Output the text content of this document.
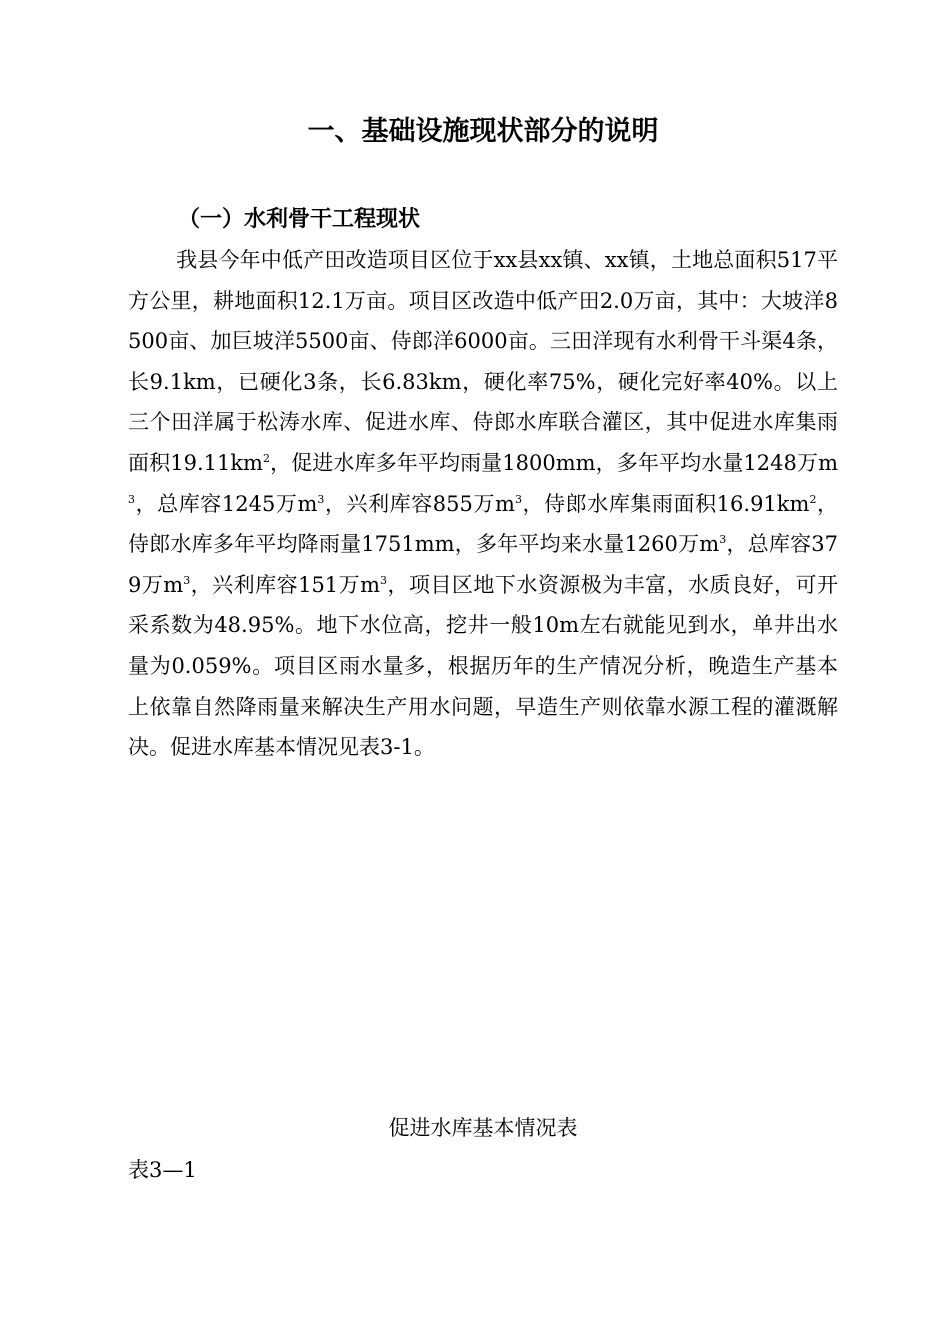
一、基础设施现状部分的说明
（一）水利骨干工程现状
我县今年中低产田改造项目区位于xx县xx镇、xx镇，土地总面积517平方公里，耕地面积12.1万亩。项目区改造中低产田2.0万亩，其中：大坡洋8500亩、加巨坡洋5500亩、侍郎洋6000亩。三田洋现有水利骨干斗渠4条，长9.1km，已硬化3条，长6.83km，硬化率75%，硬化完好率40%。以上三个田洋属于松涛水库、促进水库、侍郎水库联合灌区，其中促进水库集雨面积$19.11km^2$，促进水库多年平均雨量1800mm，多年平均水量1248万$m^3$，总库容1245万$m^3$，兴利库容855万$m^3$，侍郎水库集雨面积$16.91km^2$，侍郎水库多年平均降雨量1751mm，多年平均来水量1260万$m^3$，总库容379万$m^3$，兴利库容151万$m^3$，项目区地下水资源极为丰富，水质良好，可开采系数为48.95%。地下水位高，挖井一般10m左右就能见到水，单井出水量为0.059%。项目区雨水量多，根据历年的生产情况分析，晚造生产基本上依靠自然降雨量来解决生产用水问题，早造生产则依靠水源工程的灌溉解决。促进水库基本情况见表3-1。
促进水库基本情况表
表3—1
